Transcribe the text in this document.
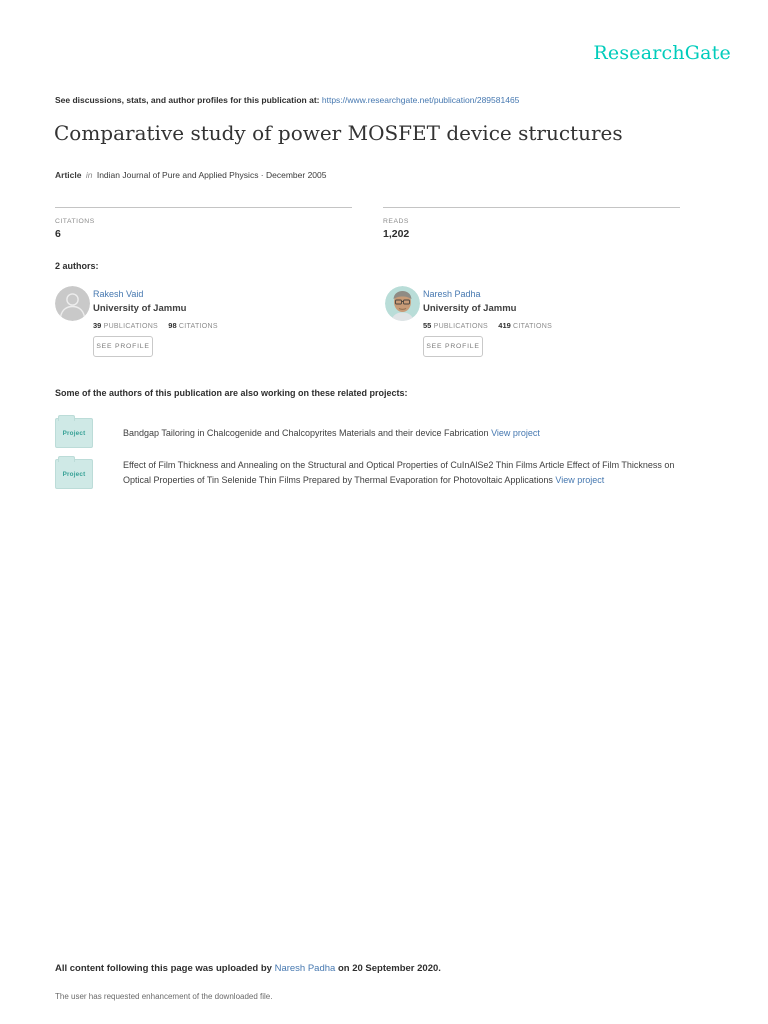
ResearchGate
See discussions, stats, and author profiles for this publication at: https://www.researchgate.net/publication/289581465
Comparative study of power MOSFET device structures
Article in Indian Journal of Pure and Applied Physics · December 2005
CITATIONS
6
READS
1,202
2 authors:
Rakesh Vaid
University of Jammu
39 PUBLICATIONS 98 CITATIONS
SEE PROFILE
Naresh Padha
University of Jammu
55 PUBLICATIONS 419 CITATIONS
SEE PROFILE
Some of the authors of this publication are also working on these related projects:
Project	Bandgap Tailoring in Chalcogenide and Chalcopyrites Materials and their device Fabrication View project
Project
Effect of Film Thickness and Annealing on the Structural and Optical Properties of CuInAlSe2 Thin Films Article Effect of Film Thickness on Optical Properties of Tin Selenide Thin Films Prepared by Thermal Evaporation for Photovoltaic Applications View project
All content following this page was uploaded by Naresh Padha on 20 September 2020.
The user has requested enhancement of the downloaded file.
